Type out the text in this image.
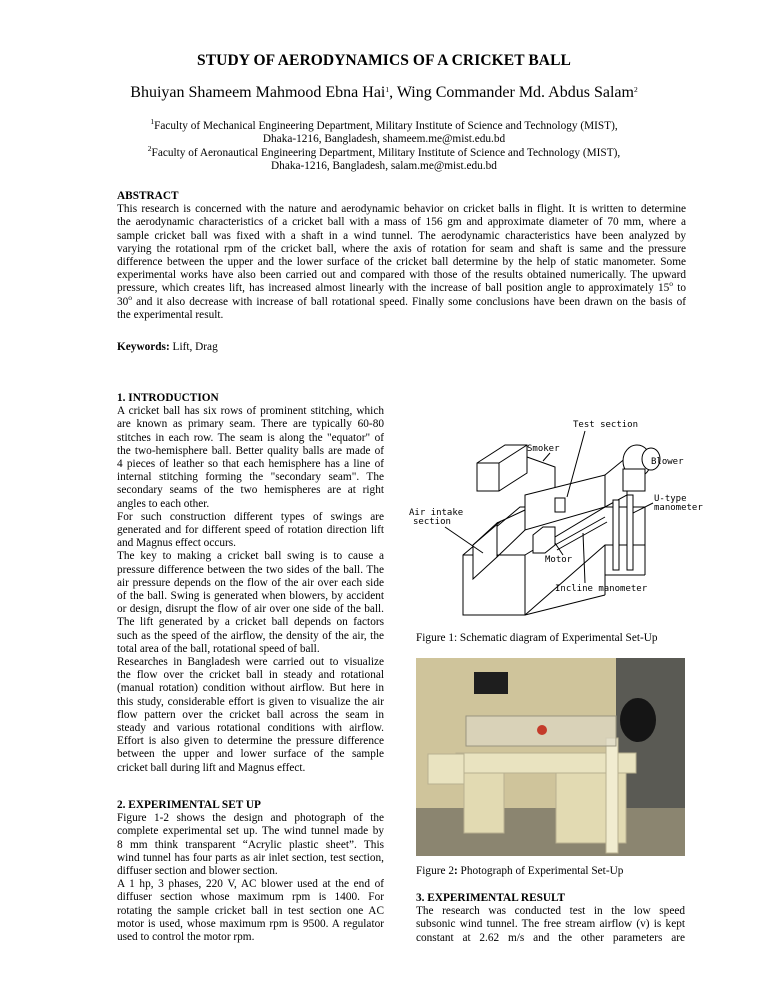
STUDY OF AERODYNAMICS OF A CRICKET BALL
Bhuiyan Shameem Mahmood Ebna Hai$^1$, Wing Commander Md. Abdus Salam$^2$
$^1$Faculty of Mechanical Engineering Department, Military Institute of Science and Technology (MIST),
Dhaka-1216, Bangladesh, shameem.me@mist.edu.bd
$^2$Faculty of Aeronautical Engineering Department, Military Institute of Science and Technology (MIST),
Dhaka-1216, Bangladesh, salam.me@mist.edu.bd
ABSTRACT
This research is concerned with the nature and aerodynamic behavior on cricket balls in flight. It is written to determine
the aerodynamic characteristics of a cricket ball with a mass of 156 gm and approximate diameter of 70 mm, where a
sample cricket ball was fixed with a shaft in a wind tunnel. The aerodynamic characteristics have been analyzed by
varying the rotational rpm of the cricket ball, where the axis of rotation for seam and shaft is same and the pressure
difference between the upper and the lower surface of the cricket ball determine by the help of static manometer. Some
experimental works have also been carried out and compared with those of the results obtained numerically. The upward
pressure, which creates lift, has increased almost linearly with the increase of ball position angle to approximately 15$^o$ to
30$^o$ and it also decrease with increase of ball rotational speed. Finally some conclusions have been drawn on the basis of
the experimental result.
Keywords: Lift, Drag
1. INTRODUCTION
A cricket ball has six rows of prominent stitching, which
are known as primary seam. There are typically 60-80
stitches in each row. The seam is along the "equator" of
the two-hemisphere ball. Better quality balls are made of
4 pieces of leather so that each hemisphere has a line of
internal stitching forming the "secondary seam". The
secondary seams of the two hemispheres are at right
angles to each other.
For such construction different types of swings are
generated and for different speed of rotation direction lift
and Magnus effect occurs.
The key to making a cricket ball swing is to cause a
pressure difference between the two sides of the ball. The
air pressure depends on the flow of the air over each side
of the ball. Swing is generated when blowers, by accident
or design, disrupt the flow of air over one side of the ball.
The lift generated by a cricket ball depends on factors
such as the speed of the airflow, the density of the air, the
total area of the ball, rotational speed of ball.
Researches in Bangladesh were carried out to visualize
the flow over the cricket ball in steady and rotational
(manual rotation) condition without airflow. But here in
this study, considerable effort is given to visualize the air
flow pattern over the cricket ball across the seam in
steady and various rotational conditions with airflow.
Effort is also given to determine the pressure difference
between the upper and lower surface of the sample
cricket ball during lift and Magnus effect.
2. EXPERIMENTAL SET UP
Figure 1-2 shows the design and photograph of the
complete experimental set up. The wind tunnel made by
8 mm think transparent “Acrylic plastic sheet”. This
wind tunnel has four parts as air inlet section, test section,
diffuser section and blower section.
A 1 hp, 3 phases, 220 V, AC blower used at the end of
diffuser section whose maximum rpm is 1400. For
rotating the sample cricket ball in test section one AC
motor is used, whose maximum rpm is 9500. A regulator
used to control the motor rpm.
Test section
Smoker
Blower
Air intake
section
U-type
manometer
Motor
Incline manometer
Figure 1: Schematic diagram of Experimental Set-Up
Figure 2: Photograph of Experimental Set-Up
3. EXPERIMENTAL RESULT
The research was conducted test in the low speed
subsonic wind tunnel. The free stream airflow (v) is kept
constant at 2.62 m/s and the other parameters are
